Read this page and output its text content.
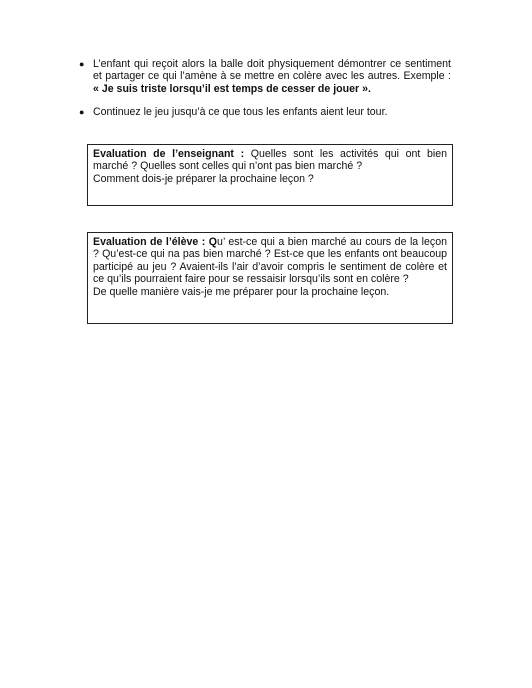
● L’enfant qui reçoit alors la balle doit physiquement démontrer ce sentiment et partager ce qui l’amène à se mettre en colère avec les autres. Exemple : « Je suis triste lorsqu’il est temps de cesser de jouer ».
● Continuez le jeu jusqu’à ce que tous les enfants aient leur tour.
Evaluation de l’enseignant : Quelles sont les activités qui ont bien marché ? Quelles sont celles qui n’ont pas bien marché ?
Comment dois-je préparer la prochaine leçon ?
Evaluation de l’élève : Qu’ est-ce qui a bien marché au cours de la leçon ? Qu’est-ce qui na pas bien marché ? Est-ce que les enfants ont beaucoup participé au jeu ? Avaient-ils l’air d’avoir compris le sentiment de colère et ce qu’ils pourraient faire pour se ressaisir lorsqu’ils sont en colère ?
De quelle manière vais-je me préparer pour la prochaine leçon.
